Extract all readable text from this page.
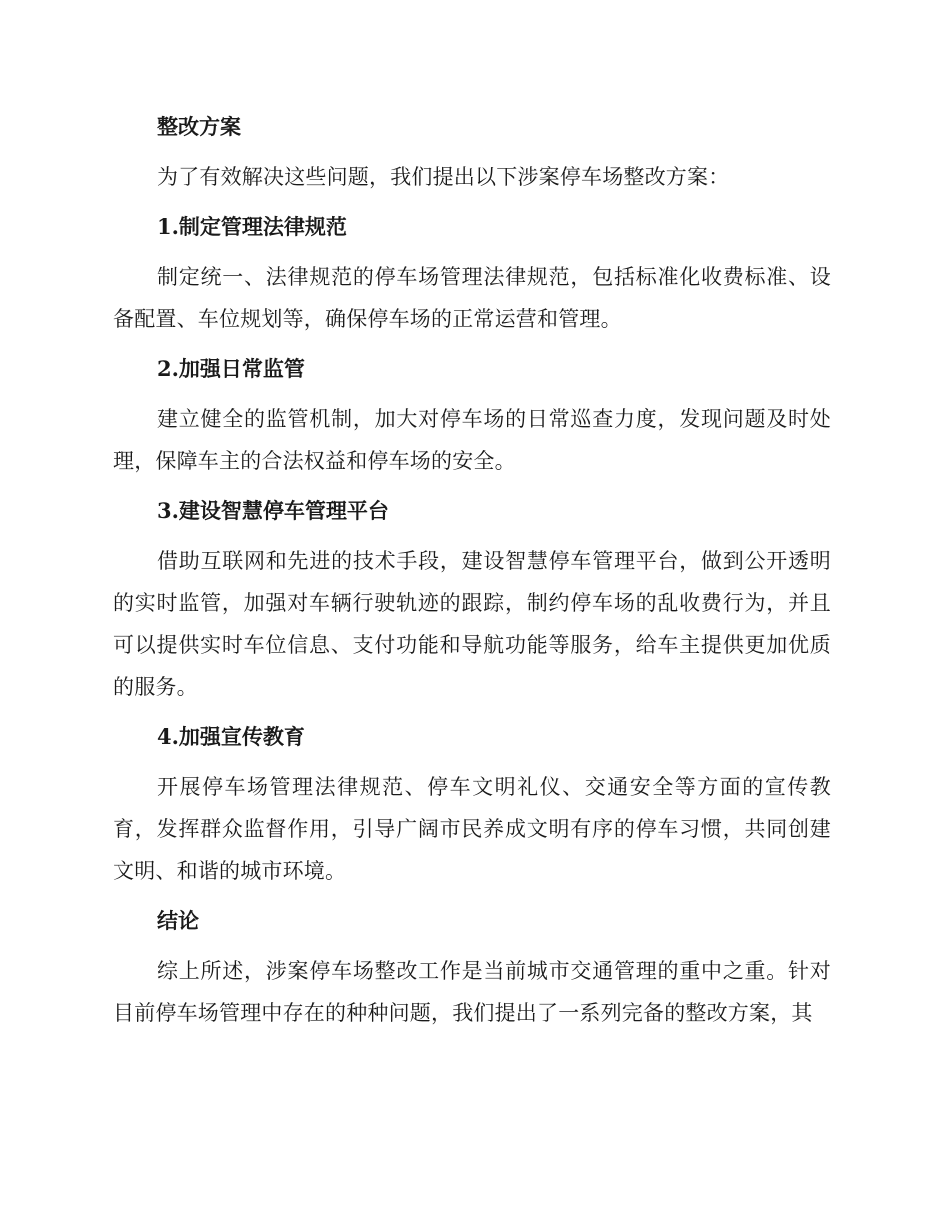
整改方案

为了有效解决这些问题，我们提出以下涉案停车场整改方案：

1.制定管理法律规范

制定统一、法律规范的停车场管理法律规范，包括标准化收费标准、设备配置、车位规划等，确保停车场的正常运营和管理。

2.加强日常监管

建立健全的监管机制，加大对停车场的日常巡查力度，发现问题及时处理，保障车主的合法权益和停车场的安全。

3.建设智慧停车管理平台

借助互联网和先进的技术手段，建设智慧停车管理平台，做到公开透明的实时监管，加强对车辆行驶轨迹的跟踪，制约停车场的乱收费行为，并且可以提供实时车位信息、支付功能和导航功能等服务，给车主提供更加优质的服务。

4.加强宣传教育

开展停车场管理法律规范、停车文明礼仪、交通安全等方面的宣传教育，发挥群众监督作用，引导广阔市民养成文明有序的停车习惯，共同创建文明、和谐的城市环境。

结论

综上所述，涉案停车场整改工作是当前城市交通管理的重中之重。针对目前停车场管理中存在的种种问题，我们提出了一系列完备的整改方案，其
